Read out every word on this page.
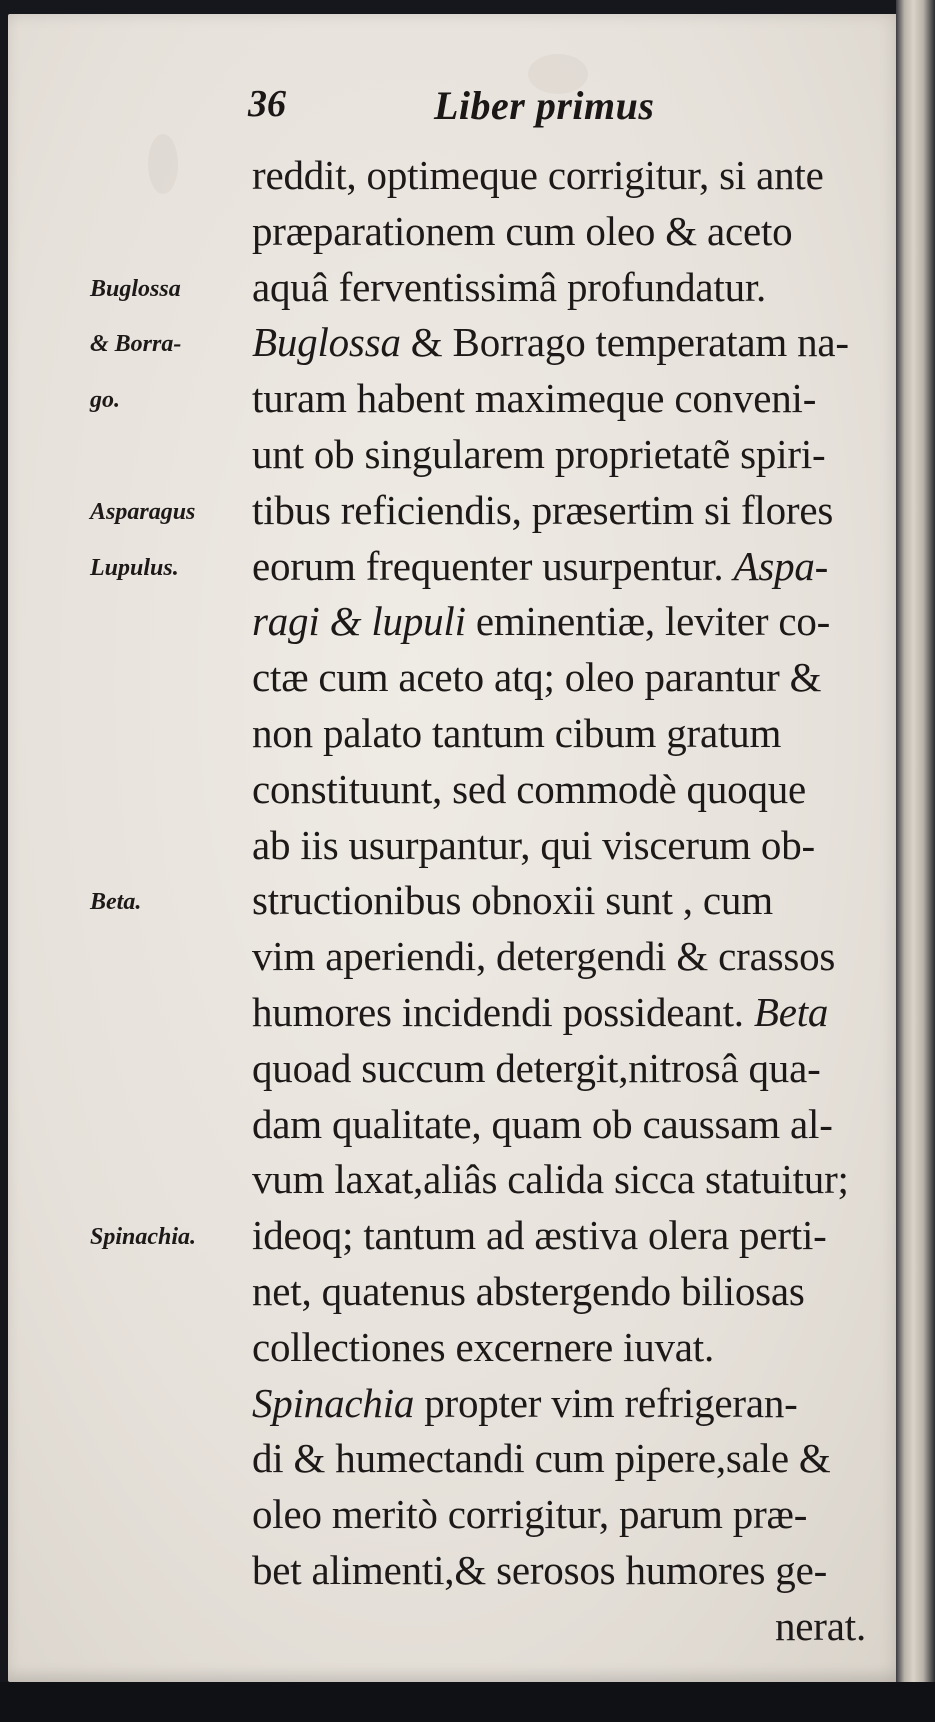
36	Liber primus
Buglossa
& Borra-
go.
Asparagus
Lupulus.
Beta.
Spinachia.
reddit, optimeque corrigitur, si ante
præparationem cum oleo & aceto
aquâ ferventissimâ profundatur.
Buglossa & Borrago temperatam na-
turam habent maximeque conveni-
unt ob singularem proprietatẽ spiri-
tibus reficiendis, præsertim si flores
eorum frequenter usurpentur. Aspa-
ragi & lupuli eminentiæ, leviter co-
ctæ cum aceto atq; oleo parantur &
non palato tantum cibum gratum
constituunt, sed commodè quoque
ab iis usurpantur, qui viscerum ob-
structionibus obnoxii sunt , cum
vim aperiendi, detergendi & crassos
humores incidendi possideant. Beta
quoad succum detergit,nitrosâ qua-
dam qualitate, quam ob caussam al-
vum laxat,aliâs calida sicca statuitur;
ideoq; tantum ad æstiva olera perti-
net, quatenus abstergendo biliosas
collectiones excernere iuvat.
Spinachia propter vim refrigeran-
di & humectandi cum pipere,sale &
oleo meritò corrigitur, parum præ-
bet alimenti,& serosos humores ge-
nerat.
